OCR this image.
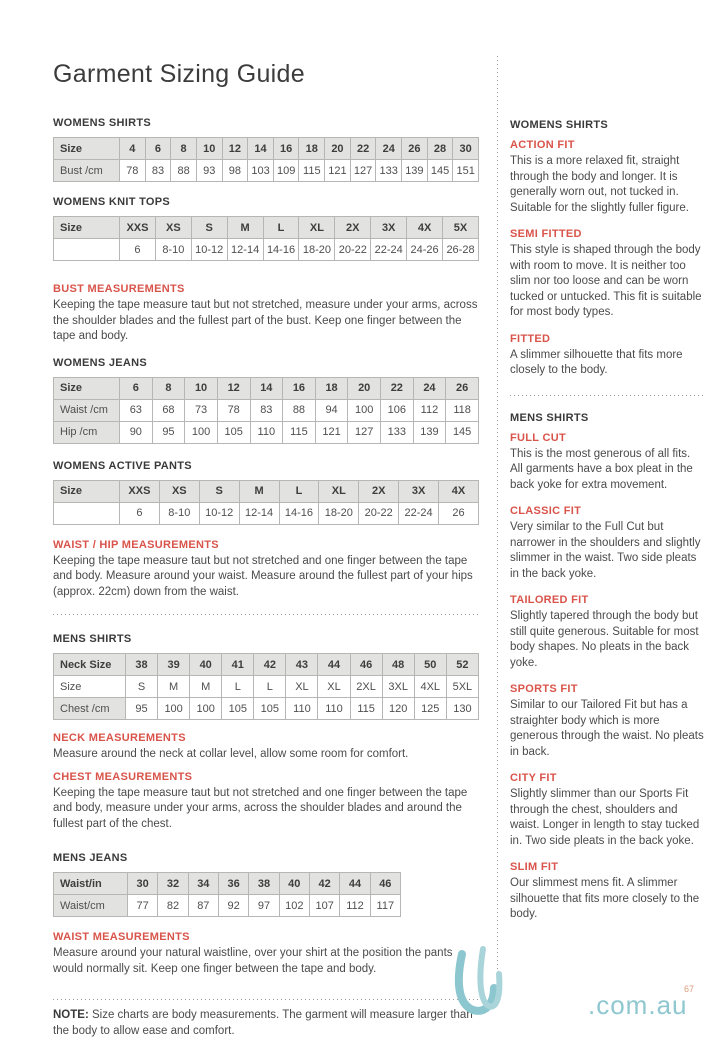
Garment Sizing Guide
WOMENS SHIRTS
Size	4	6	8	10	12	14	16	18	20	22	24	26	28	30
Bust /cm	78	83	88	93	98	103	109	115	121	127	133	139	145	151
WOMENS KNIT TOPS
Size	XXS	XS	S	M	L	XL	2X	3X	4X	5X
	6	8-10	10-12	12-14	14-16	18-20	20-22	22-24	24-26	26-28
BUST MEASUREMENTS
Keeping the tape measure taut but not stretched, measure under your arms, across the shoulder blades and the fullest part of the bust. Keep one finger between the tape and body.
WOMENS JEANS
Size	6	8	10	12	14	16	18	20	22	24	26
Waist /cm	63	68	73	78	83	88	94	100	106	112	118
Hip /cm	90	95	100	105	110	115	121	127	133	139	145
WOMENS ACTIVE PANTS
Size	XXS	XS	S	M	L	XL	2X	3X	4X
	6	8-10	10-12	12-14	14-16	18-20	20-22	22-24	26
WAIST / HIP MEASUREMENTS
Keeping the tape measure taut but not stretched and one finger between the tape and body. Measure around your waist. Measure around the fullest part of your hips (approx. 22cm) down from the waist.
MENS SHIRTS
Neck Size	38	39	40	41	42	43	44	46	48	50	52
Size	S	M	M	L	L	XL	XL	2XL	3XL	4XL	5XL
Chest /cm	95	100	100	105	105	110	110	115	120	125	130
NECK MEASUREMENTS
Measure around the neck at collar level, allow some room for comfort.
CHEST MEASUREMENTS
Keeping the tape measure taut but not stretched and one finger between the tape and body, measure under your arms, across the shoulder blades and around the fullest part of the chest.
MENS JEANS
Waist/in	30	32	34	36	38	40	42	44	46
Waist/cm	77	82	87	92	97	102	107	112	117
WAIST MEASUREMENTS
Measure around your natural waistline, over your shirt at the position the pants would normally sit. Keep one finger between the tape and body.
NOTE: Size charts are body measurements. The garment will measure larger than the body to allow ease and comfort.
WOMENS SHIRTS
ACTION FIT
This is a more relaxed fit, straight through the body and longer. It is generally worn out, not tucked in. Suitable for the slightly fuller figure.
SEMI FITTED
This style is shaped through the body with room to move. It is neither too slim nor too loose and can be worn tucked or untucked. This fit is suitable for most body types.
FITTED
A slimmer silhouette that fits more closely to the body.
MENS SHIRTS
FULL CUT
This is the most generous of all fits. All garments have a box pleat in the back yoke for extra movement.
CLASSIC FIT
Very similar to the Full Cut but narrower in the shoulders and slightly slimmer in the waist. Two side pleats in the back yoke.
TAILORED FIT
Slightly tapered through the body but still quite generous. Suitable for most body shapes. No pleats in the back yoke.
SPORTS FIT
Similar to our Tailored Fit but has a straighter body which is more generous through the waist. No pleats in back.
CITY FIT
Slightly slimmer than our Sports Fit through the chest, shoulders and waist. Longer in length to stay tucked in. Two side pleats in the back yoke.
SLIM FIT
Our slimmest mens fit. A slimmer silhouette that fits more closely to the body.
.com.au
67
